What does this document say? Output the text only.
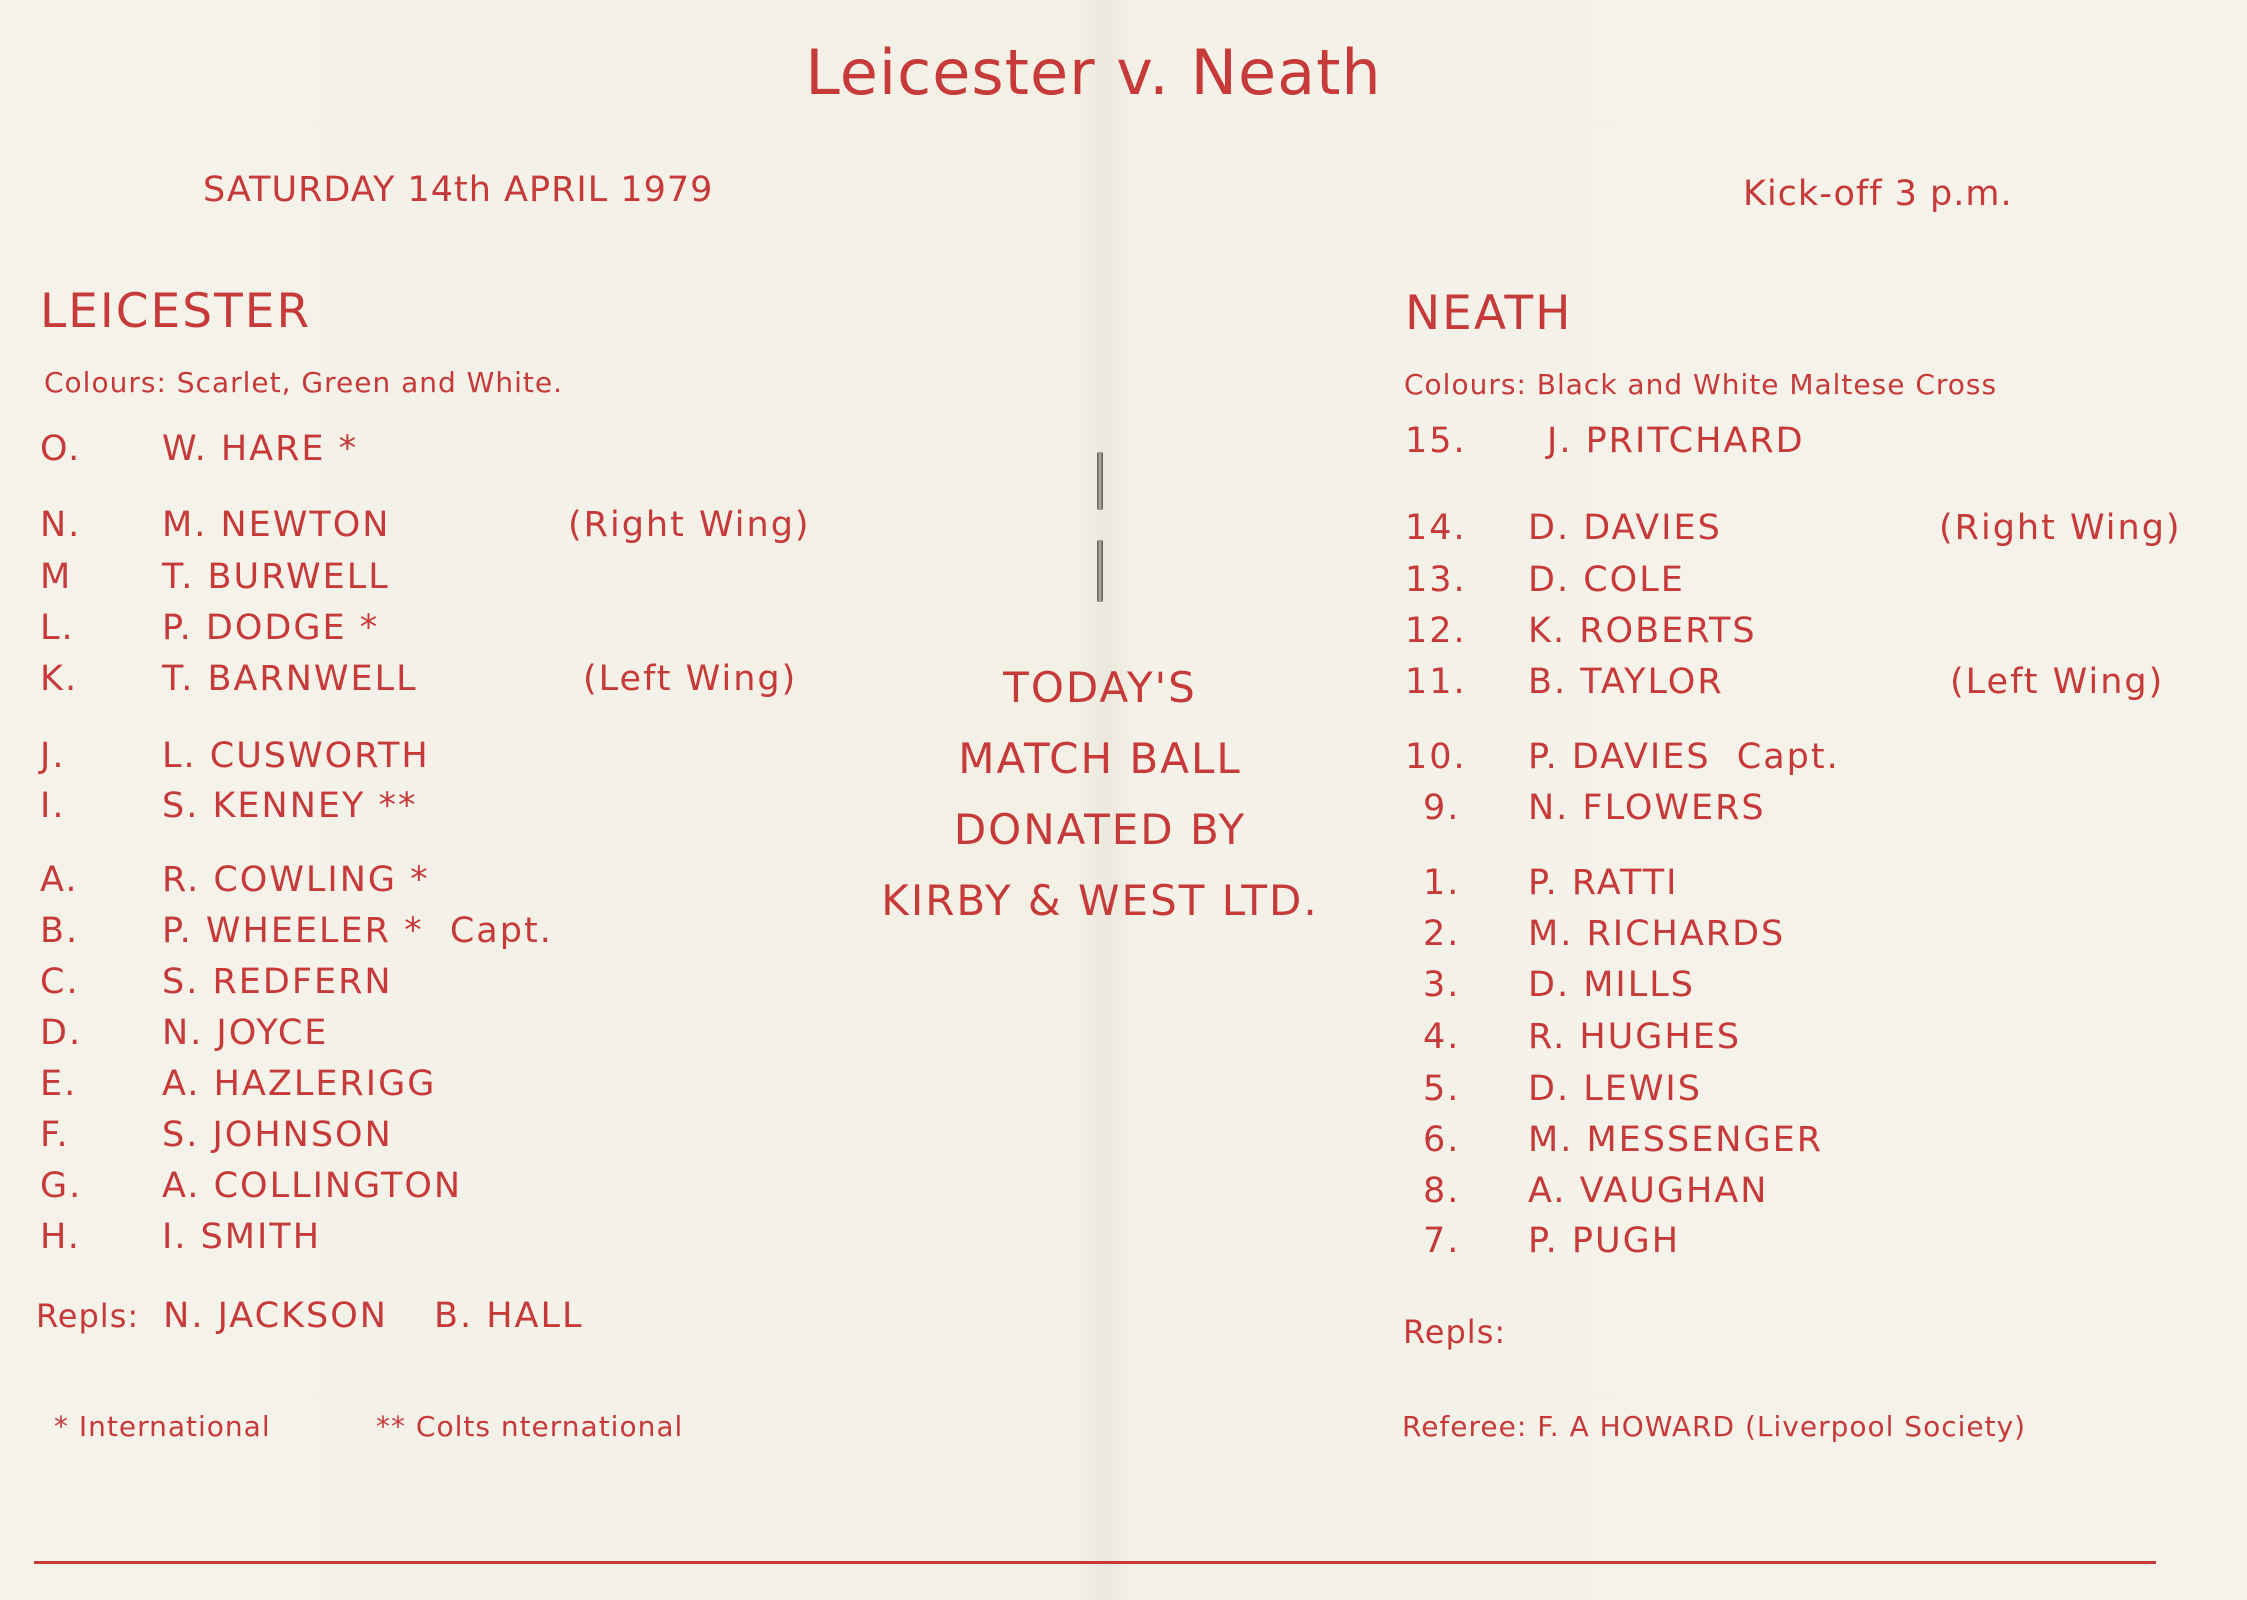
Leicester v. Neath
SATURDAY 14th APRIL 1979	Kick-off 3 p.m.
LEICESTER
Colours: Scarlet, Green and White.
O. W. HARE *
N. M. NEWTON	(Right Wing)
M	T. BURWELL
L. P. DODGE *
K. T. BARNWELL	(Left Wing)
J.	L. CUSWORTH
I.	S. KENNEY **
A. R. COWLING *
B. P. WHEELER *  Capt.
C. S. REDFERN
D. N. JOYCE
E. A. HAZLERIGG
F.	S. JOHNSON
G. A. COLLINGTON
H. I. SMITH
Repls: N. JACKSON B. HALL
* International	** Colts nternational
TODAY'S
MATCH BALL
DONATED BY
KIRBY & WEST LTD.
NEATH
Colours: Black and White Maltese Cross
15. J. PRITCHARD
14. D. DAVIES	(Right Wing)
13. D. COLE
12. K. ROBERTS
11. B. TAYLOR	(Left Wing)
10. P. DAVIES  Capt.
9. N. FLOWERS
1. P. RATTI
2. M. RICHARDS
3. D. MILLS
4. R. HUGHES
5. D. LEWIS
6. M. MESSENGER
8. A. VAUGHAN
7. P. PUGH
Repls:
Referee: F. A HOWARD (Liverpool Society)
